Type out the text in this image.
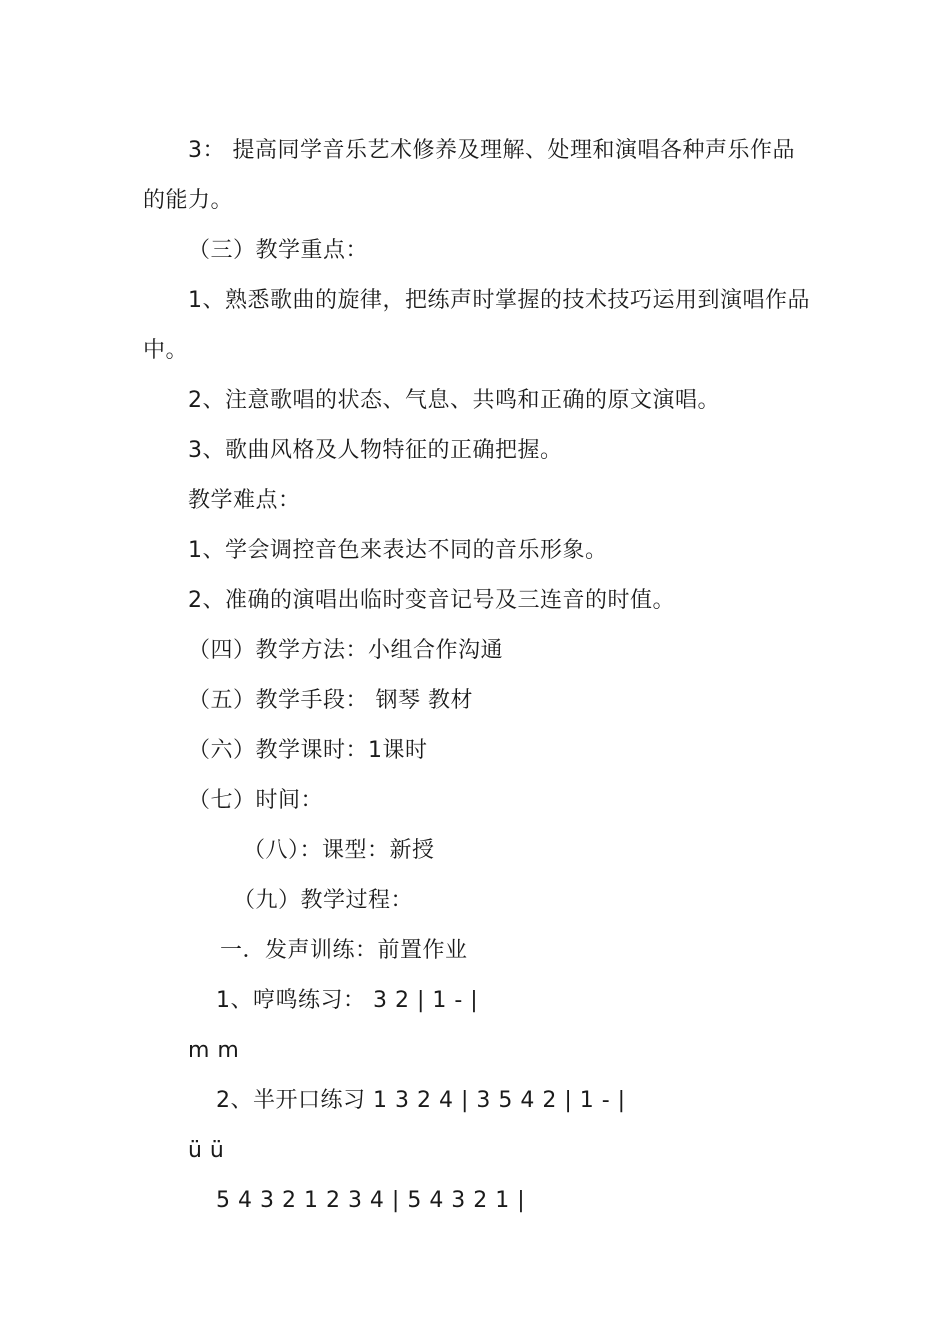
3： 提高同学音乐艺术修养及理解、处理和演唱各种声乐作品
的能力。
（三）教学重点：
1、熟悉歌曲的旋律，把练声时掌握的技术技巧运用到演唱作品
中。
2、注意歌唱的状态、气息、共鸣和正确的原文演唱。
3、歌曲风格及人物特征的正确把握。
教学难点：
1、学会调控音色来表达不同的音乐形象。
2、准确的演唱出临时变音记号及三连音的时值。
（四）教学方法：小组合作沟通
（五）教学手段： 钢琴 教材
（六）教学课时：1课时
（七）时间：
（八）：课型：新授
（九）教学过程：
一．发声训练：前置作业
1、哼鸣练习： 3 2 | 1 - |
m m
2、半开口练习 1 3 2 4 | 3 5 4 2 | 1 - |
ü ü
5 4 3 2 1 2 3 4 | 5 4 3 2 1 |
